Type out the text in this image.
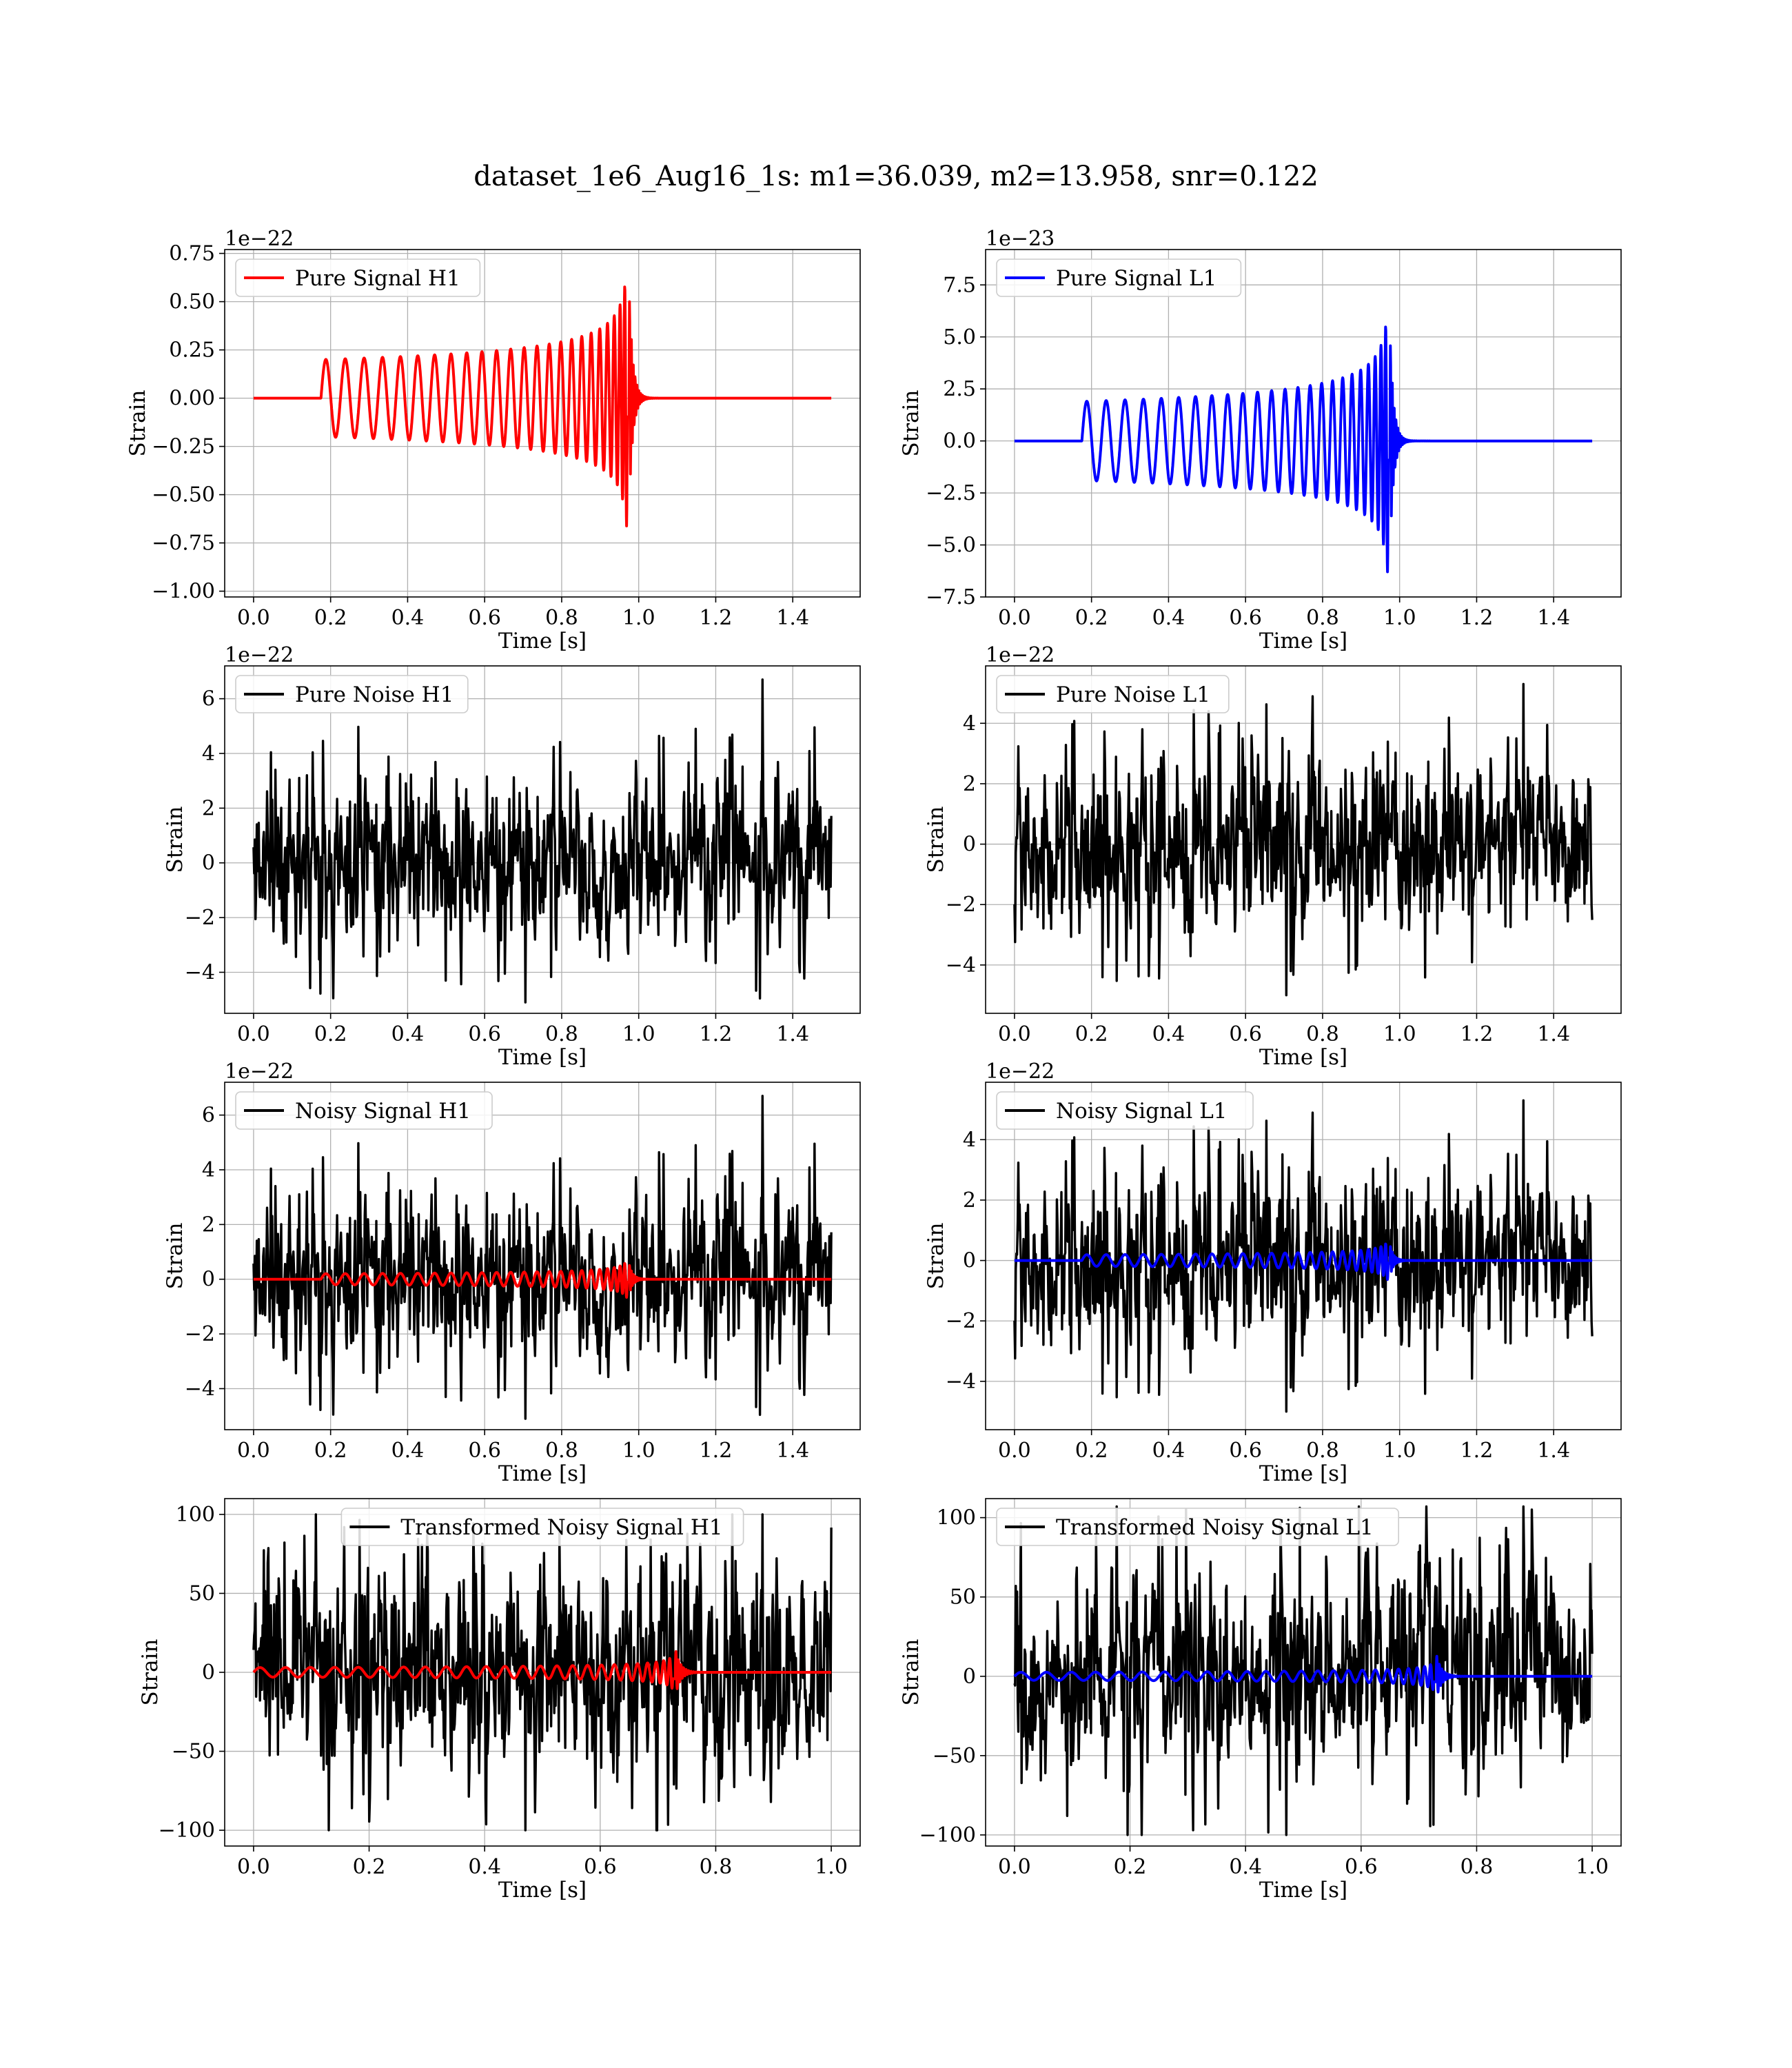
dataset_1e6_Aug16_1s: m1=36.039, m2=13.958, snr=0.122
0.0 0.2 0.4 0.6 0.8 1.0 1.2 1.4
−1.00
−0.75
−0.50
−0.25
0.00
0.25
0.50
0.75
Time [s]
Strain
1e−22
Pure Signal H1
0.0 0.2 0.4 0.6 0.8 1.0 1.2 1.4
−7.5
−5.0
−2.5
0.0
2.5
5.0
7.5
Time [s]
Strain
1e−23
Pure Signal L1
0.0 0.2 0.4 0.6 0.8 1.0 1.2 1.4
−4
−2
0
2
4
6
Time [s]
Strain
1e−22
Pure Noise H1
0.0 0.2 0.4 0.6 0.8 1.0 1.2 1.4
−4
−2
0
2
4
Time [s]
Strain
1e−22
Pure Noise L1
0.0 0.2 0.4 0.6 0.8 1.0 1.2 1.4
−4
−2
0
2
4
6
Time [s]
Strain
1e−22
Noisy Signal H1
0.0 0.2 0.4 0.6 0.8 1.0 1.2 1.4
−4
−2
0
2
4
Time [s]
Strain
1e−22
Noisy Signal L1
0.0	0.2	0.4	0.6	0.8	1.0
−100
−50
0
50
100
Time [s]
Strain
Transformed Noisy Signal H1
0.0	0.2	0.4	0.6	0.8	1.0
−100
−50
0
50
100
Time [s]
Strain
Transformed Noisy Signal L1
